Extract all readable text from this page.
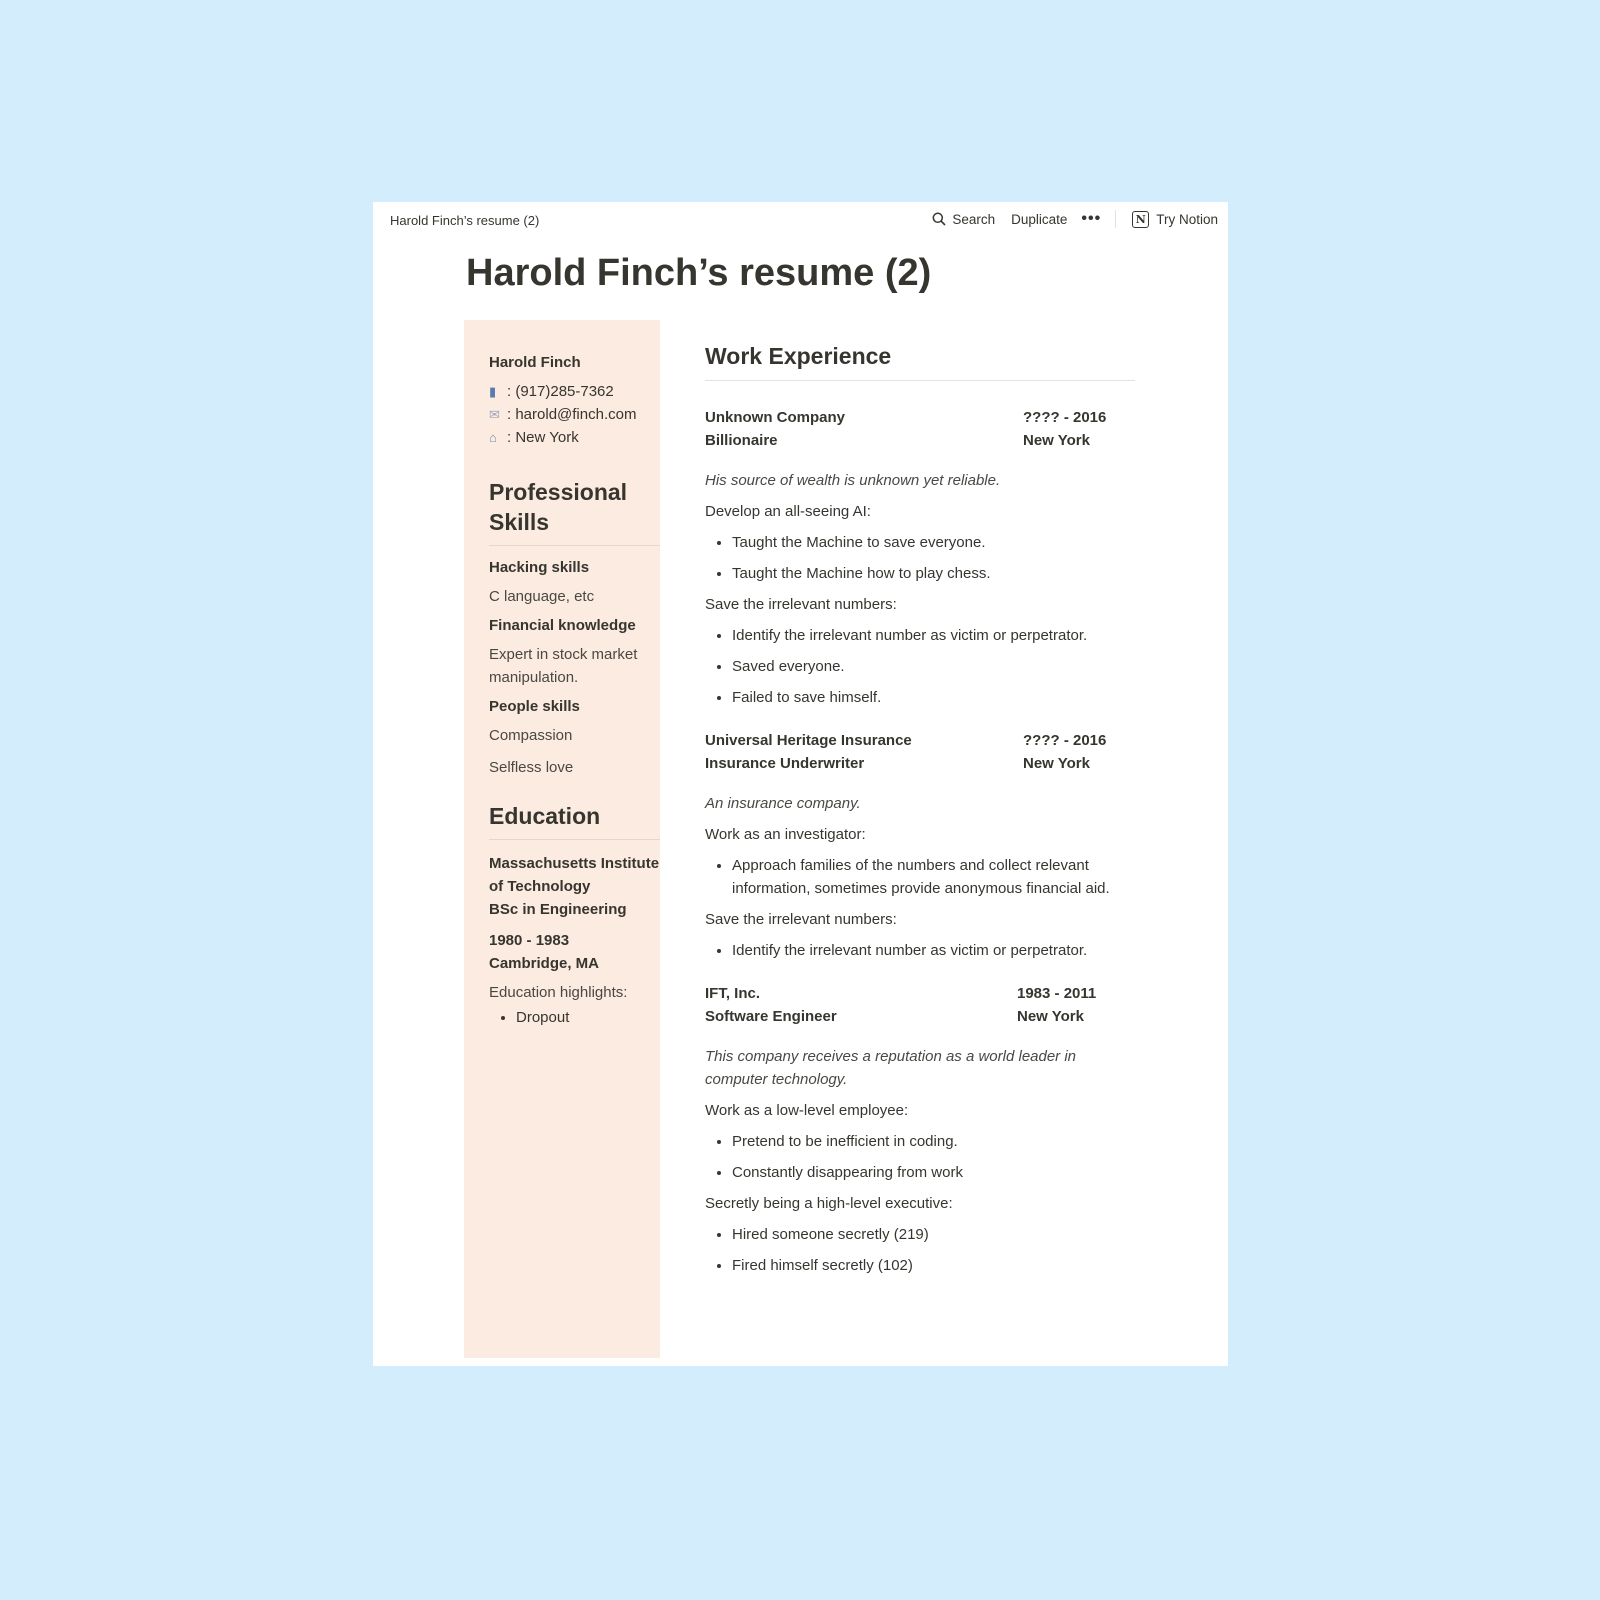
Harold Finch’s resume (2)	Search Duplicate •••	N Try Notion
Harold Finch’s resume (2)
Harold Finch
▮ : (917)285-7362
✉ : harold@finch.com
⌂ : New York
Professional Skills
Hacking skills
C language, etc
Financial knowledge
Expert in stock market manipulation.
People skills
Compassion
Selfless love
Education
Massachusetts Institute of Technology
BSc in Engineering
1980 - 1983
Cambridge, MA
Education highlights:
• Dropout
Work Experience
Unknown Company
Billionaire
???? - 2016
New York
His source of wealth is unknown yet reliable.
Develop an all-seeing AI:
• Taught the Machine to save everyone.
• Taught the Machine how to play chess.
Save the irrelevant numbers:
• Identify the irrelevant number as victim or perpetrator.
• Saved everyone.
• Failed to save himself.
Universal Heritage Insurance
Insurance Underwriter
???? - 2016
New York
An insurance company.
Work as an investigator:
• Approach families of the numbers and collect relevant information, sometimes provide anonymous financial aid.
Save the irrelevant numbers:
• Identify the irrelevant number as victim or perpetrator.
IFT, Inc.
Software Engineer
1983 - 2011
New York
This company receives a reputation as a world leader in computer technology.
Work as a low-level employee:
• Pretend to be inefficient in coding.
• Constantly disappearing from work
Secretly being a high-level executive:
• Hired someone secretly (219)
• Fired himself secretly (102)
